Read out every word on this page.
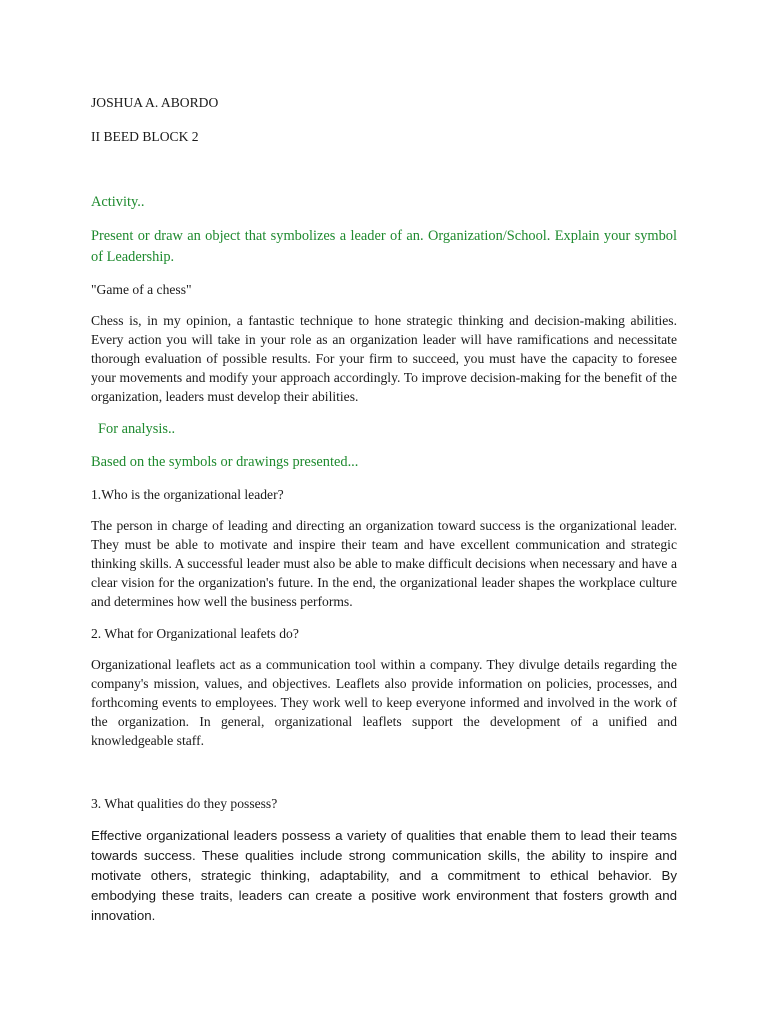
JOSHUA A. ABORDO

II BEED BLOCK 2

Activity..

Present or draw an object that symbolizes a leader of an. Organization/School. Explain your symbol of Leadership.

"Game of a chess"

Chess is, in my opinion, a fantastic technique to hone strategic thinking and decision-making abilities. Every action you will take in your role as an organization leader will have ramifications and necessitate thorough evaluation of possible results. For your firm to succeed, you must have the capacity to foresee your movements and modify your approach accordingly. To improve decision-making for the benefit of the organization, leaders must develop their abilities.

For analysis..

Based on the symbols or drawings presented...

1.Who is the organizational leader?

The person in charge of leading and directing an organization toward success is the organizational leader. They must be able to motivate and inspire their team and have excellent communication and strategic thinking skills. A successful leader must also be able to make difficult decisions when necessary and have a clear vision for the organization's future. In the end, the organizational leader shapes the workplace culture and determines how well the business performs.

2. What for Organizational leafets do?

Organizational leaflets act as a communication tool within a company. They divulge details regarding the company's mission, values, and objectives. Leaflets also provide information on policies, processes, and forthcoming events to employees. They work well to keep everyone informed and involved in the work of the organization. In general, organizational leaflets support the development of a unified and knowledgeable staff.

3. What qualities do they possess?

Effective organizational leaders possess a variety of qualities that enable them to lead their teams towards success. These qualities include strong communication skills, the ability to inspire and motivate others, strategic thinking, adaptability, and a commitment to ethical behavior. By embodying these traits, leaders can create a positive work environment that fosters growth and innovation.
